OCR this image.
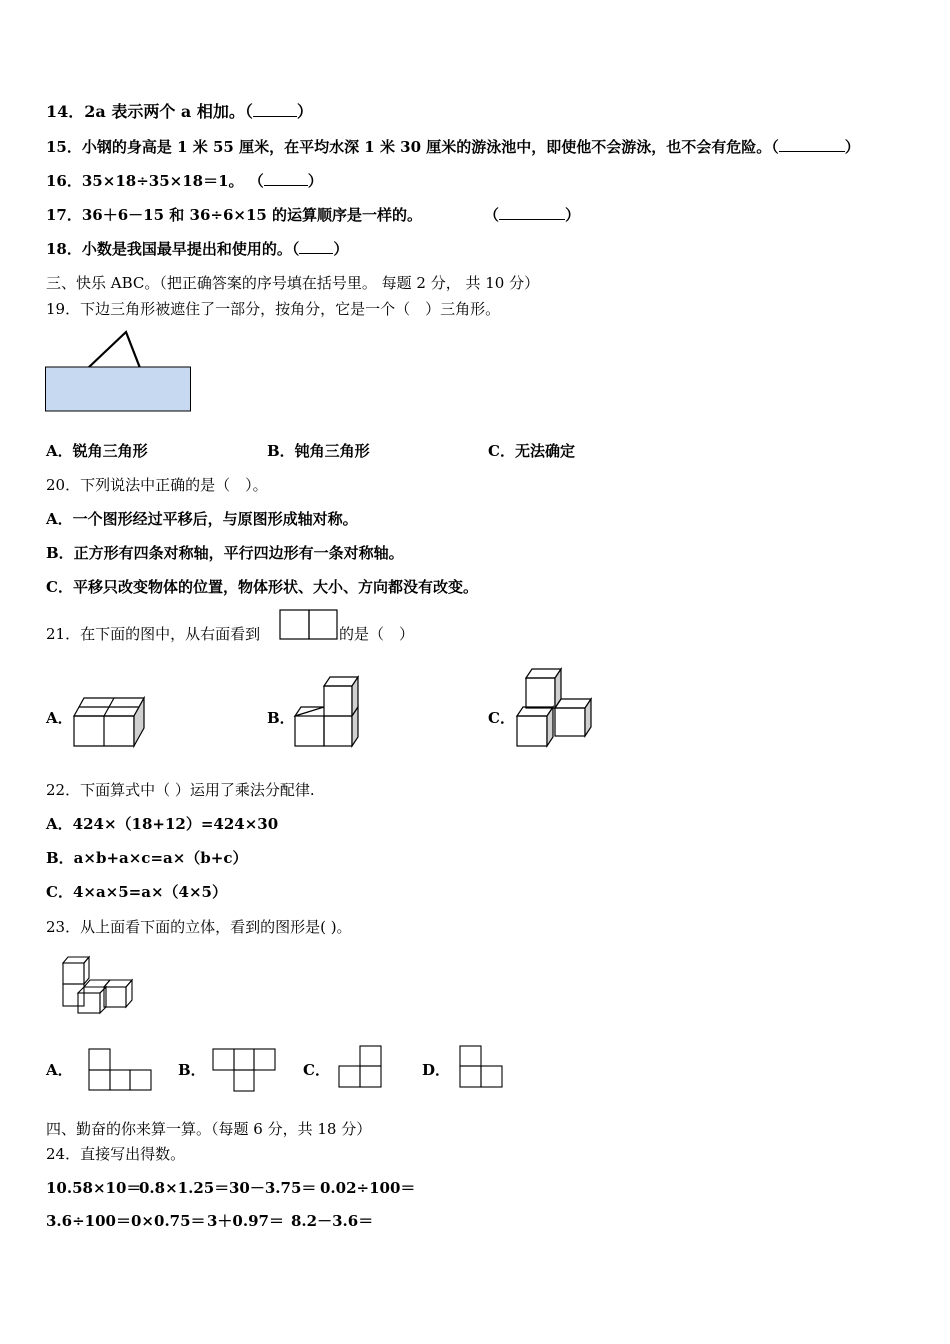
14．2a 表示两个 a 相加。（	）
15．小钢的身高是 1 米 55 厘米，在平均水深 1 米 30 厘米的游泳池中，即使他不会游泳，也不会有危险。（	）
16．35×18÷35×18＝1。 （	）
17．36＋6－15 和 36÷6×15 的运算顺序是一样的。	（	）
18．小数是我国最早提出和使用的。（ ）
三、快乐 ABC。（把正确答案的序号填在括号里。 每题 2 分， 共 10 分）
19．下边三角形被遮住了一部分，按角分，它是一个（　）三角形。
A．锐角三角形	B．钝角三角形	C．无法确定
20．下列说法中正确的是（　）。
A．一个图形经过平移后，与原图形成轴对称。
B．正方形有四条对称轴，平行四边形有一条对称轴。
C．平移只改变物体的位置，物体形状、大小、方向都没有改变。
21．在下面的图中，从右面看到	的是（　）
A．	B．	C．
22．下面算式中（ ）运用了乘法分配律.
A．424×（18+12）=424×30
B．a×b+a×c=a×（b+c）
C．4×a×5=a×（4×5）
23．从上面看下面的立体，看到的图形是( )。
A．	B．	C．	D．
四、勤奋的你来算一算。（每题 6 分，共 18 分）
24．直接写出得数。
10.58×10＝
0.8×1.25＝ 30－3.75＝ 0.02÷100＝
3.6÷100＝ 0×0.75＝ 3＋0.97＝ 8.2－3.6＝
